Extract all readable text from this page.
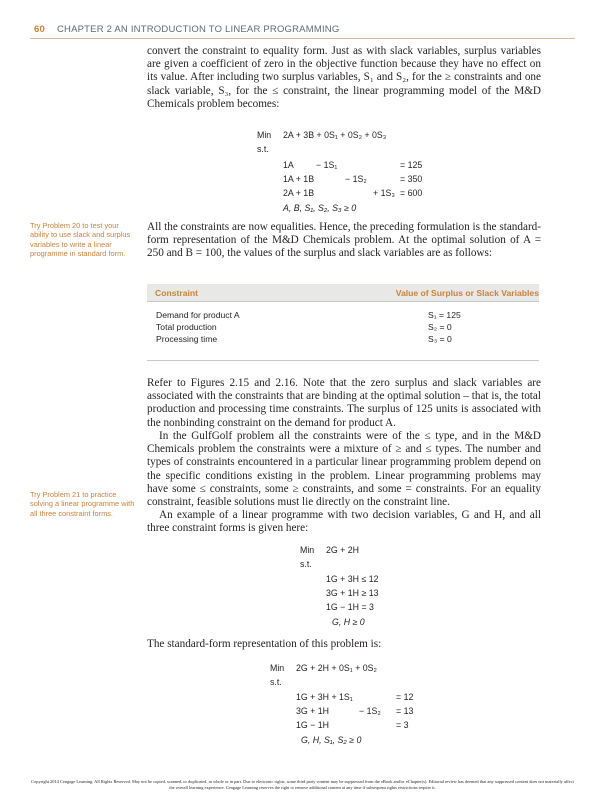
60 CHAPTER 2 AN INTRODUCTION TO LINEAR PROGRAMMING

convert the constraint to equality form. Just as with slack variables, surplus variables are given a coefficient of zero in the objective function because they have no effect on its value. After including two surplus variables, S₁ and S₂, for the ≥ constraints and one slack variable, S₃, for the ≤ constraint, the linear programming model of the M&D Chemicals problem becomes:

Min 2A + 3B + 0S₁ + 0S₂ + 0S₃
s.t.
1A	− 1S₁	= 125
1A + 1B	− 1S₂	= 350
2A + 1B	+ 1S₃ = 600
A, B, S₁, S₂, S₃ ≥ 0
Try Problem 20 to test your ability to use slack and surplus variables to write a linear programme in standard form.

All the constraints are now equalities. Hence, the preceding formulation is the standard-form representation of the M&D Chemicals problem. At the optimal solution of A = 250 and B = 100, the values of the surplus and slack variables are as follows:

Constraint	Value of Surplus or Slack Variables
Demand for product A	S₁ = 125
Total production	S₂ = 0
Processing time	S₃ = 0

Refer to Figures 2.15 and 2.16. Note that the zero surplus and slack variables are associated with the constraints that are binding at the optimal solution – that is, the total production and processing time constraints. The surplus of 125 units is associated with the nonbinding constraint on the demand for product A.

In the GulfGolf problem all the constraints were of the ≤ type, and in the M&D Chemicals problem the constraints were a mixture of ≥ and ≤ types. The number and types of constraints encountered in a particular linear programming problem depend on the specific conditions existing in the problem. Linear programming problems may have some ≤ constraints, some ≥ constraints, and some = constraints. For an equality constraint, feasible solutions must lie directly on the constraint line.

An example of a linear programme with two decision variables, G and H, and all three constraint forms is given here:

Try Problem 21 to practice solving a linear programme with all three constraint forms.
Min 2G + 2H
s.t.
1G + 3H ≤ 12
3G + 1H ≥ 13
1G − 1H = 3
G, H ≥ 0

The standard-form representation of this problem is:

Min 2G + 2H + 0S₁ + 0S₂
s.t.
1G + 3H + 1S₁	= 12
3G + 1H	− 1S₂ = 13
1G − 1H	= 3
G, H, S₁, S₂ ≥ 0
Copyright 2014 Cengage Learning. All Rights Reserved. May not be copied, scanned, or duplicated, in whole or in part. Due to electronic rights, some third party content may be suppressed from the eBook and/or eChapter(s). Editorial review has deemed that any suppressed content does not materially affect the overall learning experience. Cengage Learning reserves the right to remove additional content at any time if subsequent rights restrictions require it.
